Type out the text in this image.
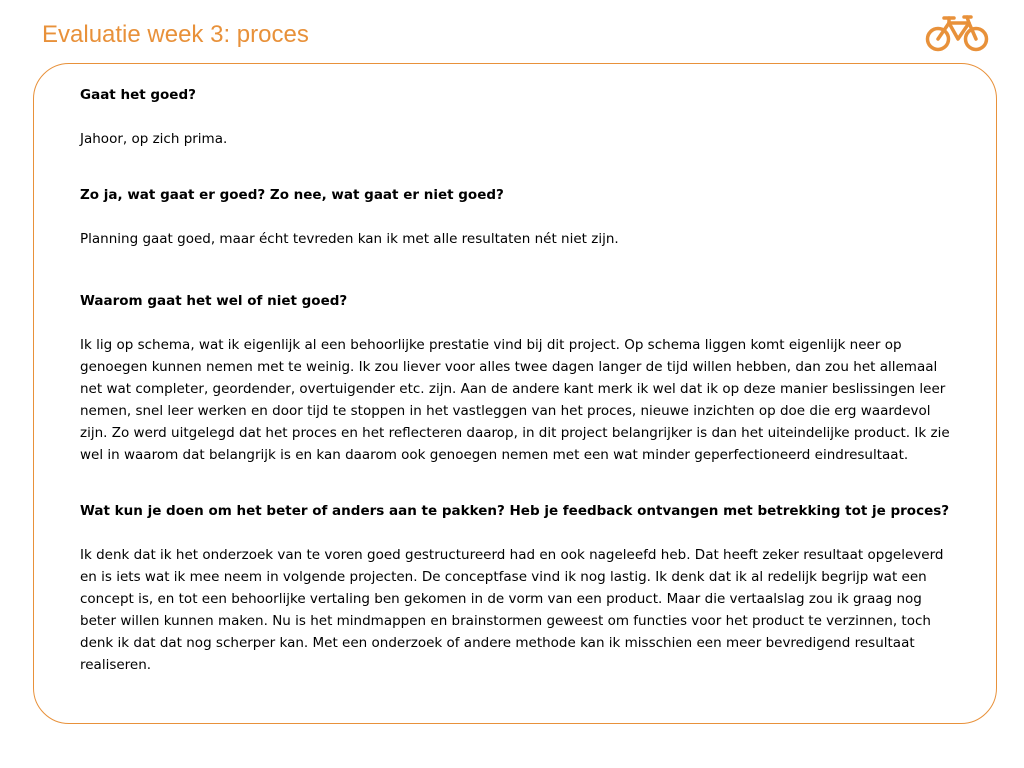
Evaluatie week 3: proces

Gaat het goed?

Jahoor, op zich prima.

Zo ja, wat gaat er goed? Zo nee, wat gaat er niet goed?

Planning gaat goed, maar écht tevreden kan ik met alle resultaten nét niet zijn.

Waarom gaat het wel of niet goed?

Ik lig op schema, wat ik eigenlijk al een behoorlijke prestatie vind bij dit project. Op schema liggen komt eigenlijk neer op genoegen kunnen nemen met te weinig. Ik zou liever voor alles twee dagen langer de tijd willen hebben, dan zou het allemaal net wat completer, geordender, overtuigender etc. zijn. Aan de andere kant merk ik wel dat ik op deze manier beslissingen leer nemen, snel leer werken en door tijd te stoppen in het vastleggen van het proces, nieuwe inzichten op doe die erg waardevol zijn. Zo werd uitgelegd dat het proces en het reflecteren daarop, in dit project belangrijker is dan het uiteindelijke product. Ik zie wel in waarom dat belangrijk is en kan daarom ook genoegen nemen met een wat minder geperfectioneerd eindresultaat.

Wat kun je doen om het beter of anders aan te pakken? Heb je feedback ontvangen met betrekking tot je proces?

Ik denk dat ik het onderzoek van te voren goed gestructureerd had en ook nageleefd heb. Dat heeft zeker resultaat opgeleverd en is iets wat ik mee neem in volgende projecten. De conceptfase vind ik nog lastig. Ik denk dat ik al redelijk begrijp wat een concept is, en tot een behoorlijke vertaling ben gekomen in de vorm van een product. Maar die vertaalslag zou ik graag nog beter willen kunnen maken. Nu is het mindmappen en brainstormen geweest om functies voor het product te verzinnen, toch denk ik dat dat nog scherper kan. Met een onderzoek of andere methode kan ik misschien een meer bevredigend resultaat realiseren.
